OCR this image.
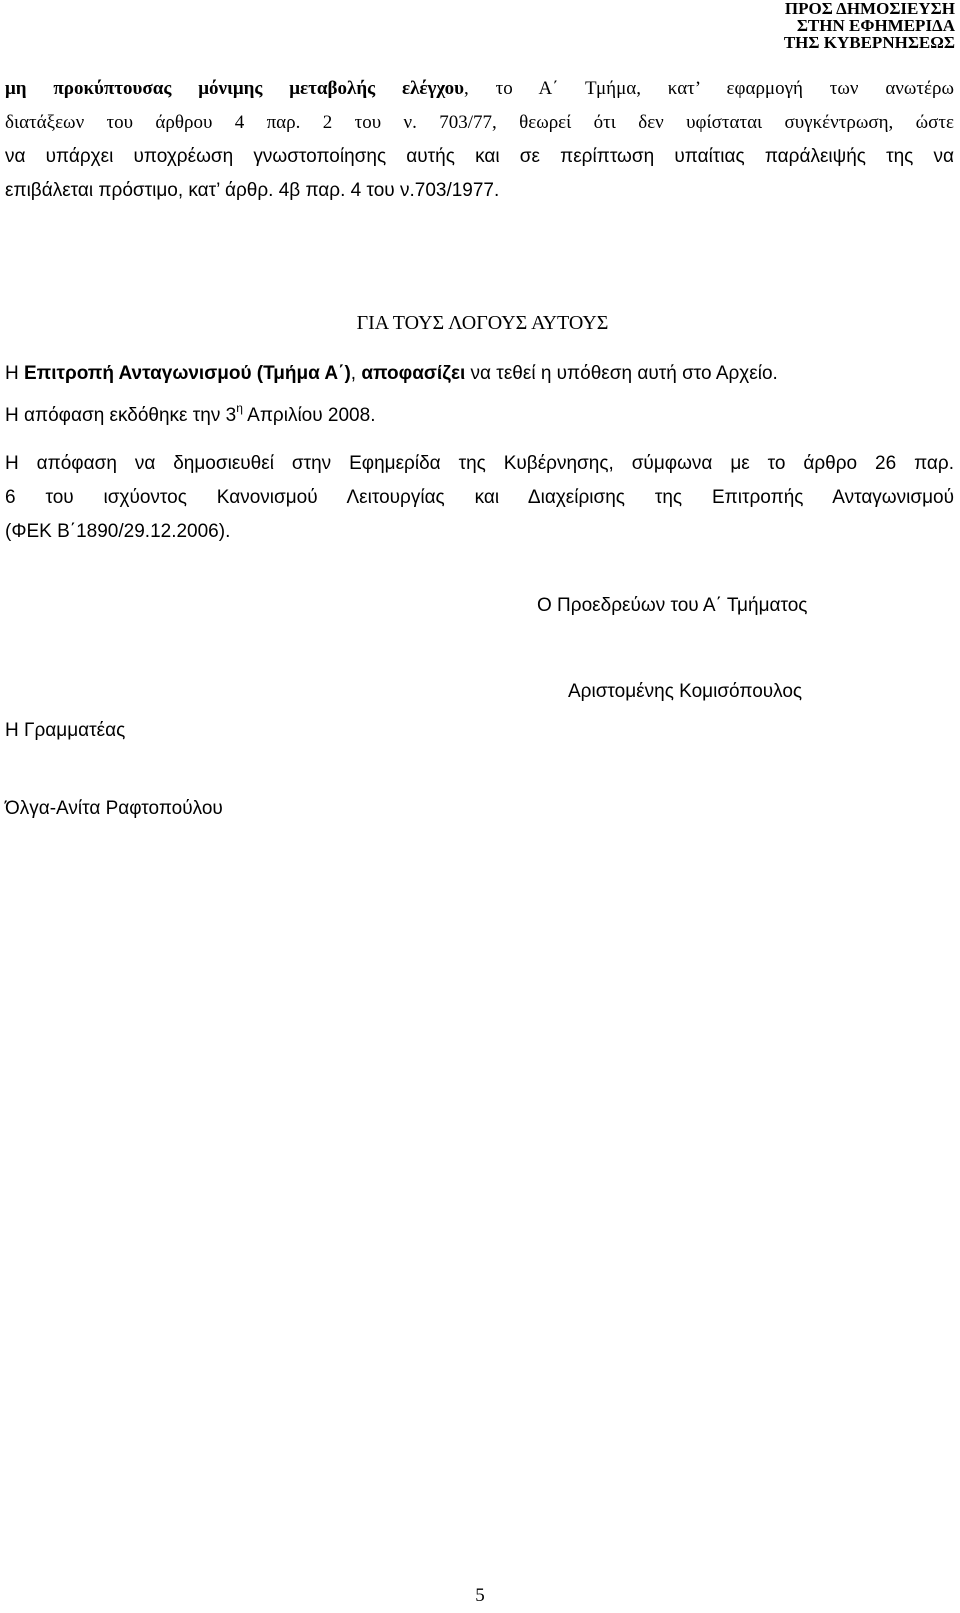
ΠΡΟΣ ΔΗΜΟΣΙΕΥΣΗ
ΣΤΗΝ ΕΦΗΜΕΡΙΔΑ
ΤΗΣ ΚΥΒΕΡΝΗΣΕΩΣ
μη προκύπτουσας μόνιμης μεταβολής ελέγχου, το Α΄ Τμήμα, κατ’ εφαρμογή των ανωτέρω
διατάξεων του άρθρου 4 παρ. 2 του ν. 703/77, θεωρεί ότι δεν υφίσταται συγκέντρωση, ώστε
να υπάρχει υποχρέωση γνωστοποίησης αυτής και σε περίπτωση υπαίτιας παράλειψής της να
επιβάλεται πρόστιμο, κατ’ άρθρ. 4β παρ. 4 του ν.703/1977.
ΓΙΑ ΤΟΥΣ ΛΟΓΟΥΣ ΑΥΤΟΥΣ
Η Επιτροπή Ανταγωνισμού (Τμήμα Α΄), αποφασίζει να τεθεί η υπόθεση αυτή στο Αρχείο.
Η απόφαση εκδόθηκε την $3^\eta$ Απριλίου 2008.
Η απόφαση να δημοσιευθεί στην Εφημερίδα της Κυβέρνησης, σύμφωνα με το άρθρο 26 παρ.
6 του ισχύοντος Κανονισμού Λειτουργίας και Διαχείρισης της Επιτροπής Ανταγωνισμού
(ΦΕΚ Β΄1890/29.12.2006).
Ο Προεδρεύων του Α΄ Τμήματος
Αριστομένης Κομισόπουλος
Η Γραμματέας
Όλγα-Ανίτα Ραφτοπούλου
5
